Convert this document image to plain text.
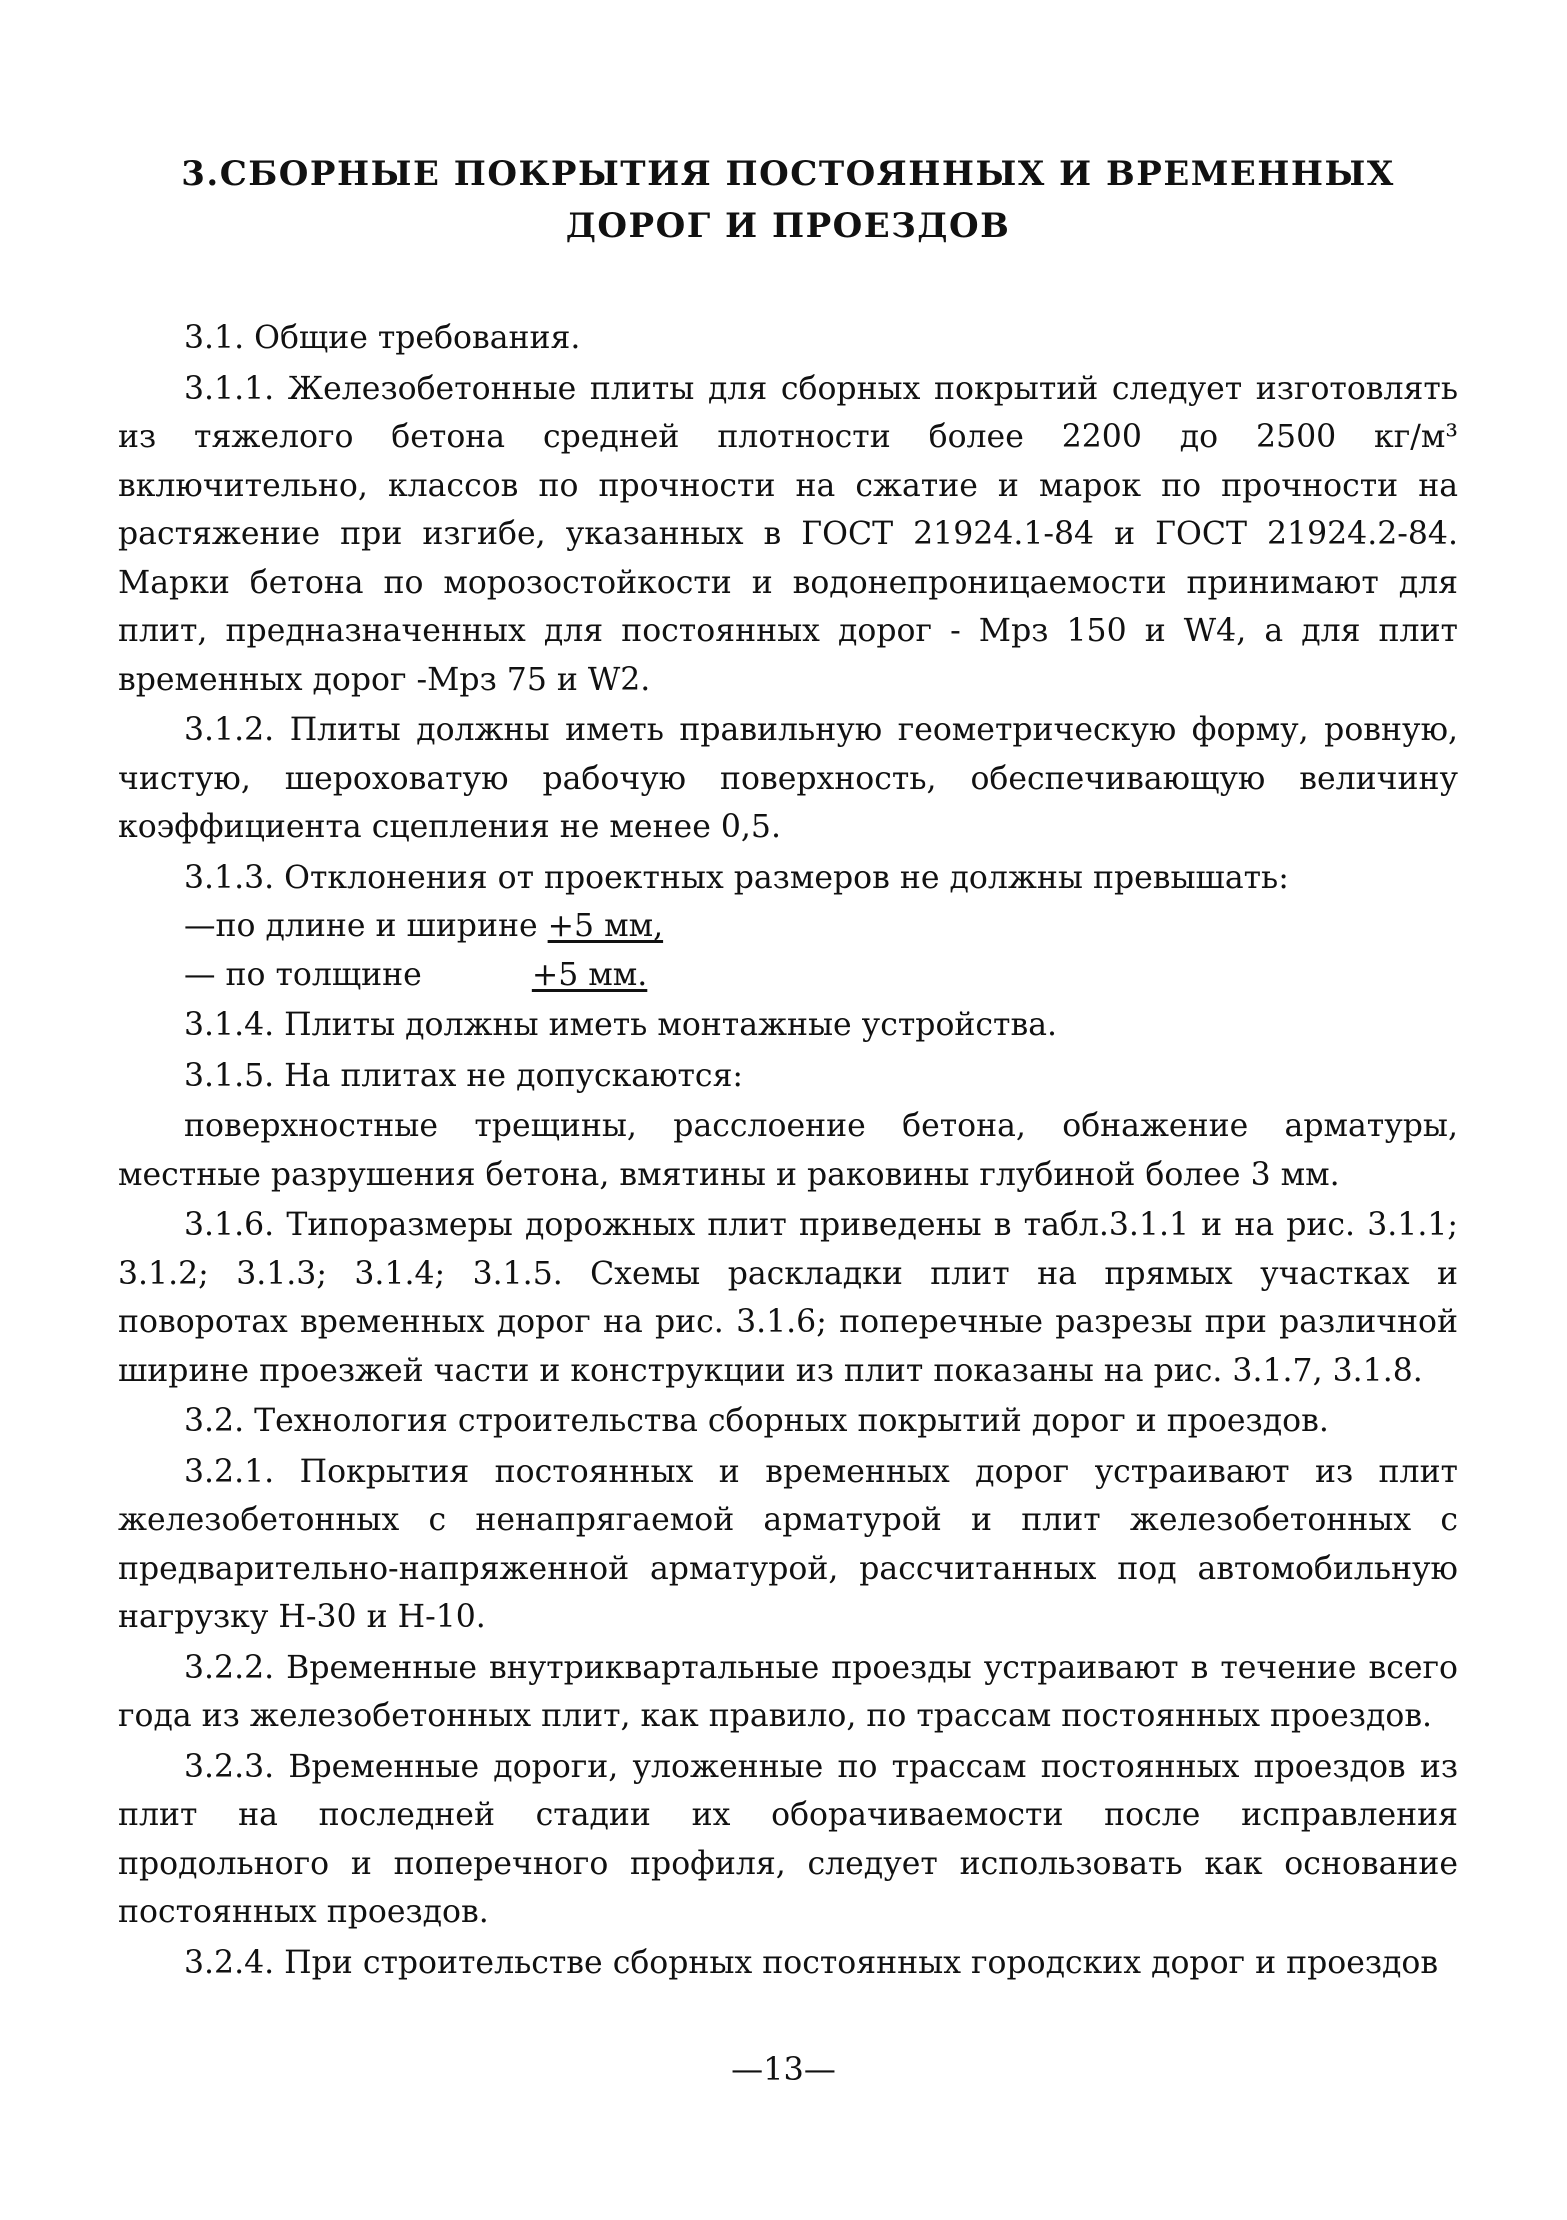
3.СБОРНЫЕ ПОКРЫТИЯ ПОСТОЯННЫХ И ВРЕМЕННЫХ
ДОРОГ И ПРОЕЗДОВ

3.1. Общие требования.

3.1.1. Железобетонные плиты для сборных покрытий следует изготовлять из тяжелого бетона средней плотности более 2200 до 2500 кг/м³ включительно, классов по прочности на сжатие и марок по прочности на растяжение при изгибе, указанных в ГОСТ 21924.1-84 и ГОСТ 21924.2-84. Марки бетона по морозостойкости и водонепроницаемости принимают для плит, предназначенных для постоянных дорог - Мрз 150 и W4, а для плит временных дорог -Мрз 75 и W2.

3.1.2. Плиты должны иметь правильную геометрическую форму, ровную, чистую, шероховатую рабочую поверхность, обеспечивающую величину коэффициента сцепления не менее 0,5.

3.1.3. Отклонения от проектных размеров не должны превышать:

—по длине и ширине +5 мм,
— по толщине	+5 мм.

3.1.4. Плиты должны иметь монтажные устройства.

3.1.5. На плитах не допускаются:

поверхностные трещины, расслоение бетона, обнажение арматуры, местные разрушения бетона, вмятины и раковины глубиной более 3 мм.

3.1.6. Типоразмеры дорожных плит приведены в табл.3.1.1 и на рис. 3.1.1; 3.1.2; 3.1.3; 3.1.4; 3.1.5. Схемы раскладки плит на прямых участках и поворотах временных дорог на рис. 3.1.6; поперечные разрезы при различной ширине проезжей части и конструкции из плит показаны на рис. 3.1.7, 3.1.8.

3.2. Технология строительства сборных покрытий дорог и проездов.

3.2.1. Покрытия постоянных и временных дорог устраивают из плит железобетонных с ненапрягаемой арматурой и плит железобетонных с предварительно-напряженной арматурой, рассчитанных под автомобильную нагрузку Н-30 и Н-10.

3.2.2. Временные внутриквартальные проезды устраивают в течение всего года из железобетонных плит, как правило, по трассам постоянных проездов.

3.2.3. Временные дороги, уложенные по трассам постоянных проездов из плит на последней стадии их оборачиваемости после исправления продольного и поперечного профиля, следует использовать как основание постоянных проездов.

3.2.4. При строительстве сборных постоянных городских дорог и проездов

—13—
